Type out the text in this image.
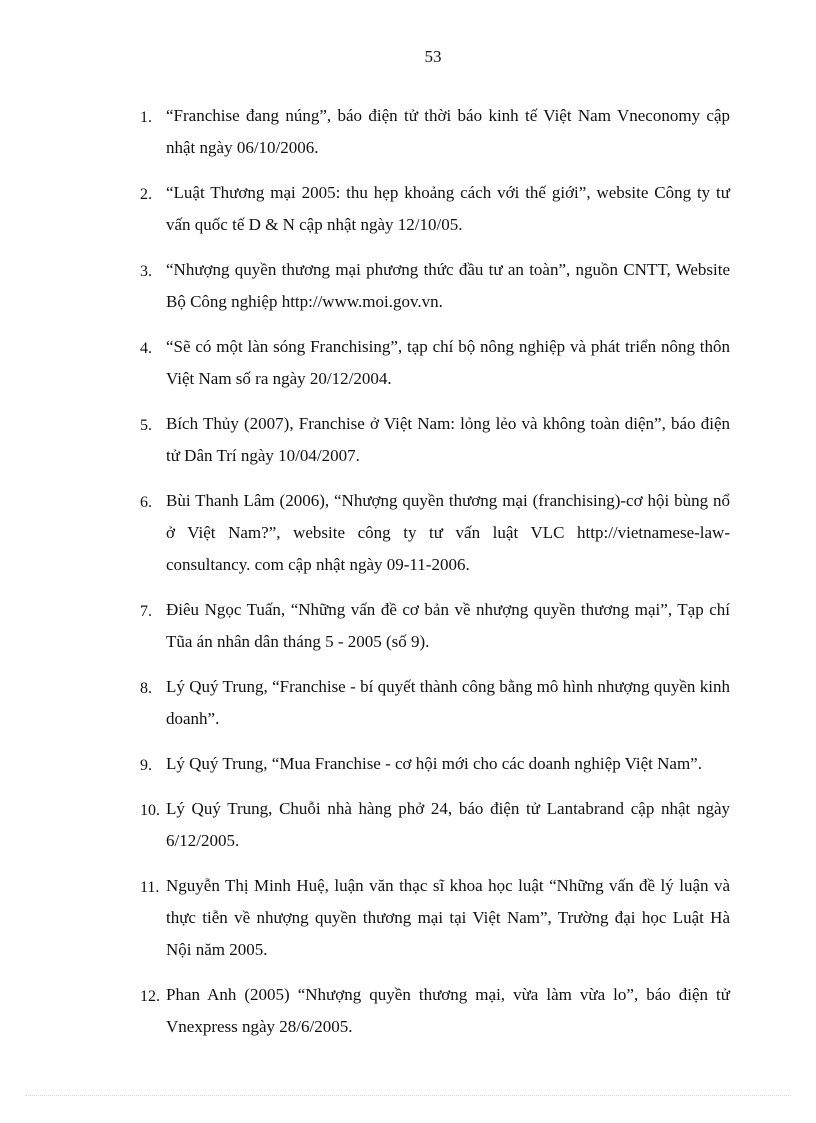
53
1. “Franchise đang núng”, báo điện tử thời báo kinh tế Việt Nam Vneconomy cập nhật ngày 06/10/2006.
2. “Luật Thương mại 2005: thu hẹp khoảng cách với thế giới”, website Công ty tư vấn quốc tế D & N cập nhật ngày 12/10/05.
3. “Nhượng quyền thương mại phương thức đầu tư an toàn”, nguồn CNTT, Website Bộ Công nghiệp http://www.moi.gov.vn.
4. “Sẽ có một làn sóng Franchising”, tạp chí bộ nông nghiệp và phát triển nông thôn Việt Nam số ra ngày 20/12/2004.
5. Bích Thủy (2007), Franchise ở Việt Nam: lỏng lẻo và không toàn diện”, báo điện tử Dân Trí ngày 10/04/2007.
6. Bùi Thanh Lâm (2006), “Nhượng quyền thương mại (franchising)-cơ hội bùng nổ ở Việt Nam?”, website công ty tư vấn luật VLC http://vietnamese-law-consultancy. com cập nhật ngày 09-11-2006.
7. Điêu Ngọc Tuấn, “Những vấn đề cơ bản về nhượng quyền thương mại”, Tạp chí Tũa án nhân dân tháng 5 - 2005 (số 9).
8. Lý Quý Trung, “Franchise - bí quyết thành công bằng mô hình nhượng quyền kinh doanh”.
9. Lý Quý Trung, “Mua Franchise - cơ hội mới cho các doanh nghiệp Việt Nam”.
10. Lý Quý Trung, Chuỗi nhà hàng phở 24, báo điện tử Lantabrand cập nhật ngày 6/12/2005.
11. Nguyễn Thị Minh Huệ, luận văn thạc sĩ khoa học luật “Những vấn đề lý luận và thực tiễn về nhượng quyền thương mại tại Việt Nam”, Trường đại học Luật Hà Nội năm 2005.
12. Phan Anh (2005) “Nhượng quyền thương mại, vừa làm vừa lo”, báo điện tử Vnexpress ngày 28/6/2005.
